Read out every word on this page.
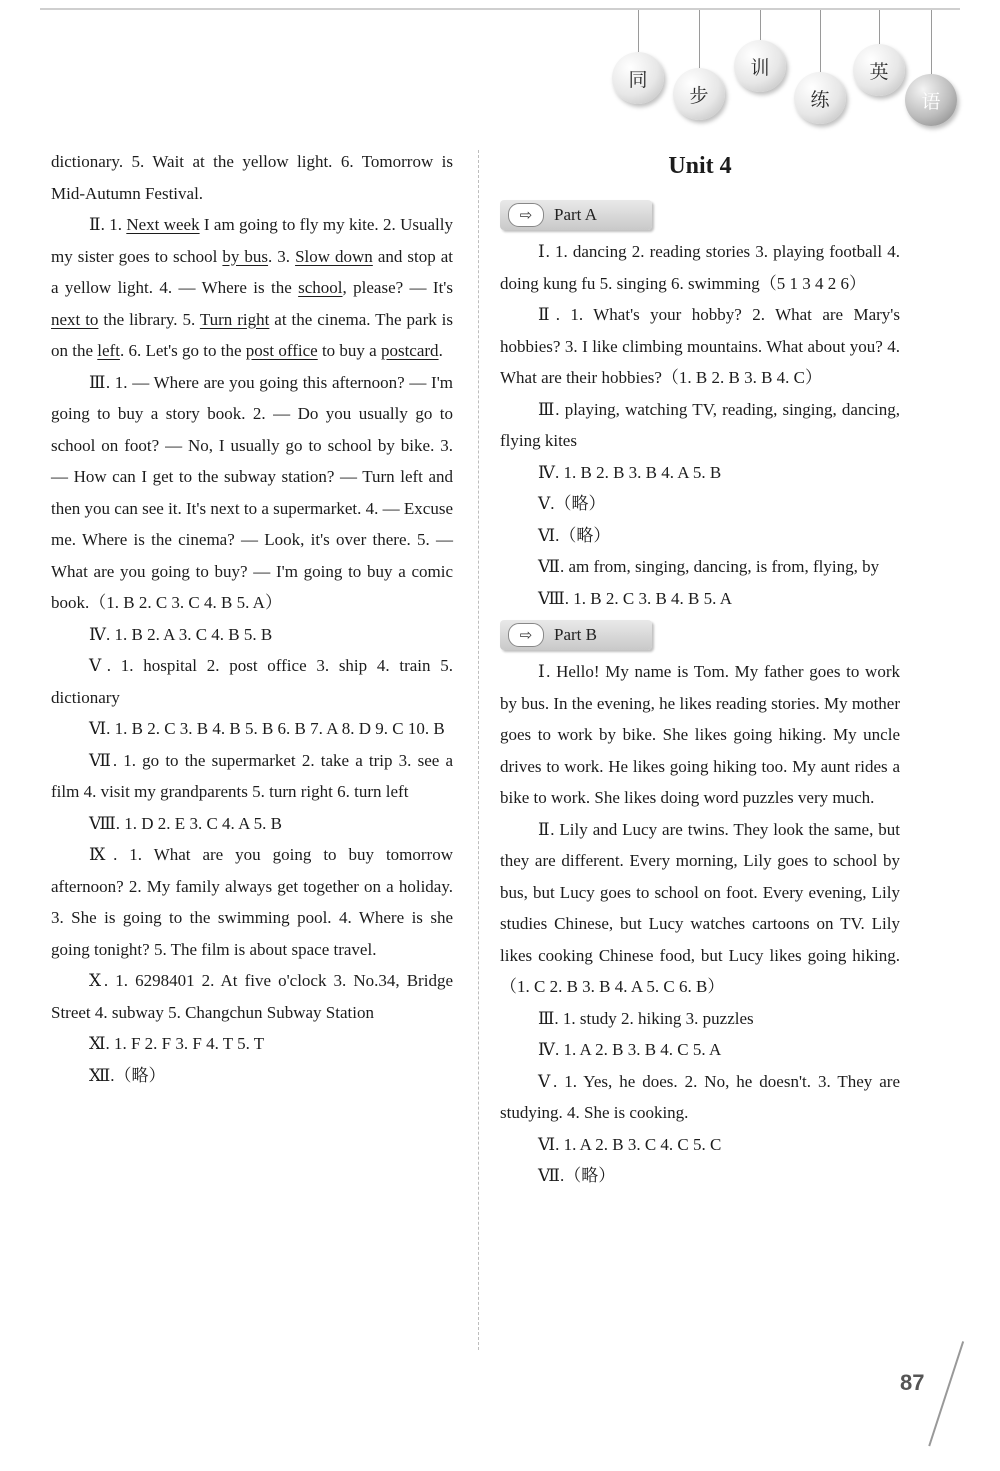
同
步
训
练
英
语

dictionary. 5. Wait at the yellow light. 6. Tomorrow is Mid-Autumn Festival.

Ⅱ. 1. Next week I am going to fly my kite. 2. Usually my sister goes to school by bus. 3. Slow down and stop at a yellow light. 4. — Where is the school, please? — It's next to the library. 5. Turn right at the cinema. The park is on the left. 6. Let's go to the post office to buy a postcard.

Ⅲ. 1. — Where are you going this afternoon? — I'm going to buy a story book. 2. — Do you usually go to school on foot? — No, I usually go to school by bike. 3. — How can I get to the subway station? — Turn left and then you can see it. It's next to a supermarket. 4. — Excuse me. Where is the cinema? — Look, it's over there. 5. — What are you going to buy? — I'm going to buy a comic book.（1. B 2. C 3. C 4. B 5. A）

Ⅳ. 1. B 2. A 3. C 4. B 5. B

Ⅴ. 1. hospital 2. post office 3. ship 4. train 5. dictionary

Ⅵ. 1. B 2. C 3. B 4. B 5. B 6. B 7. A 8. D 9. C 10. B

Ⅶ. 1. go to the supermarket 2. take a trip 3. see a film 4. visit my grandparents 5. turn right 6. turn left

Ⅷ. 1. D 2. E 3. C 4. A 5. B

Ⅸ. 1. What are you going to buy tomorrow afternoon? 2. My family always get together on a holiday. 3. She is going to the swimming pool. 4. Where is she going tonight? 5. The film is about space travel.

Ⅹ. 1. 6298401 2. At five o'clock 3. No.34, Bridge Street 4. subway 5. Changchun Subway Station

Ⅺ. 1. F 2. F 3. F 4. T 5. T

Ⅻ.（略）

Unit 4
⇨	Part A

Ⅰ. 1. dancing 2. reading stories 3. playing football 4. doing kung fu 5. singing 6. swimming（5 1 3 4 2 6）

Ⅱ. 1. What's your hobby? 2. What are Mary's hobbies? 3. I like climbing mountains. What about you? 4. What are their hobbies?（1. B 2. B 3. B 4. C）

Ⅲ. playing, watching TV, reading, singing, dancing, flying kites

Ⅳ. 1. B 2. B 3. B 4. A 5. B

Ⅴ.（略）

Ⅵ.（略）

Ⅶ. am from, singing, dancing, is from, flying, by

Ⅷ. 1. B 2. C 3. B 4. B 5. A

⇨	Part B

Ⅰ. Hello! My name is Tom. My father goes to work by bus. In the evening, he likes reading stories. My mother goes to work by bike. She likes going hiking. My uncle drives to work. He likes going hiking too. My aunt rides a bike to work. She likes doing word puzzles very much.

Ⅱ. Lily and Lucy are twins. They look the same, but they are different. Every morning, Lily goes to school by bus, but Lucy goes to school on foot. Every evening, Lily studies Chinese, but Lucy watches cartoons on TV. Lily likes cooking Chinese food, but Lucy likes going hiking.（1. C 2. B 3. B 4. A 5. C 6. B）

Ⅲ. 1. study 2. hiking 3. puzzles

Ⅳ. 1. A 2. B 3. B 4. C 5. A

Ⅴ. 1. Yes, he does. 2. No, he doesn't. 3. They are studying. 4. She is cooking.

Ⅵ. 1. A 2. B 3. C 4. C 5. C

Ⅶ.（略）

87
